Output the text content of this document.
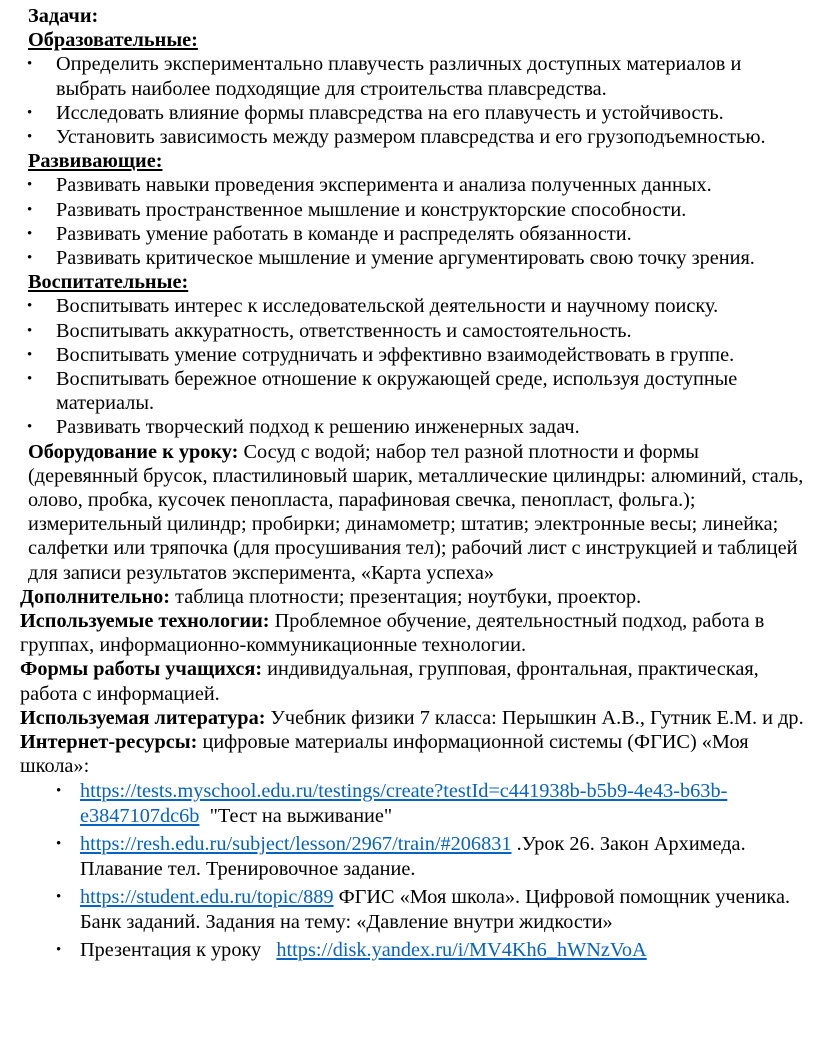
Задачи:
Образовательные:
• Определить экспериментально плавучесть различных доступных материалов и выбрать наиболее подходящие для строительства плавсредства.
• Исследовать влияние формы плавсредства на его плавучесть и устойчивость.
• Установить зависимость между размером плавсредства и его грузоподъемностью.
Развивающие:
• Развивать навыки проведения эксперимента и анализа полученных данных.
• Развивать пространственное мышление и конструкторские способности.
• Развивать умение работать в команде и распределять обязанности.
• Развивать критическое мышление и умение аргументировать свою точку зрения.
Воспитательные:
• Воспитывать интерес к исследовательской деятельности и научному поиску.
• Воспитывать аккуратность, ответственность и самостоятельность.
• Воспитывать умение сотрудничать и эффективно взаимодействовать в группе.
• Воспитывать бережное отношение к окружающей среде, используя доступные материалы.
• Развивать творческий подход к решению инженерных задач.

Оборудование к уроку: Сосуд с водой; набор тел разной плотности и формы (деревянный брусок, пластилиновый шарик, металлические цилиндры: алюминий, сталь, олово, пробка, кусочек пенопласта, парафиновая свечка, пенопласт, фольга.); измерительный цилиндр; пробирки; динамометр; штатив; электронные весы; линейка; салфетки или тряпочка (для просушивания тел); рабочий лист с инструкцией и таблицей для записи результатов эксперимента, «Карта успеха»

Дополнительно: таблица плотности; презентация; ноутбуки, проектор.

Используемые технологии: Проблемное обучение, деятельностный подход, работа в группах, информационно-коммуникационные технологии.

Формы работы учащихся: индивидуальная, групповая, фронтальная, практическая, работа с информацией.

Используемая литература: Учебник физики 7 класса: Перышкин А.В., Гутник Е.М. и др.

Интернет-ресурсы: цифровые материалы информационной системы (ФГИС) «Моя школа»:

• https://tests.myschool.edu.ru/testings/create?testId=c441938b-b5b9-4e43-b63b-e3847107dc6b  "Тест на выживание"
• https://resh.edu.ru/subject/lesson/2967/train/#206831 .Урок 26. Закон Архимеда. Плавание тел. Тренировочное задание.
• https://student.edu.ru/topic/889 ФГИС «Моя школа». Цифровой помощник ученика. Банк заданий. Задания на тему: «Давление внутри жидкости»
• Презентация к уроку   https://disk.yandex.ru/i/MV4Kh6_hWNzVoA
